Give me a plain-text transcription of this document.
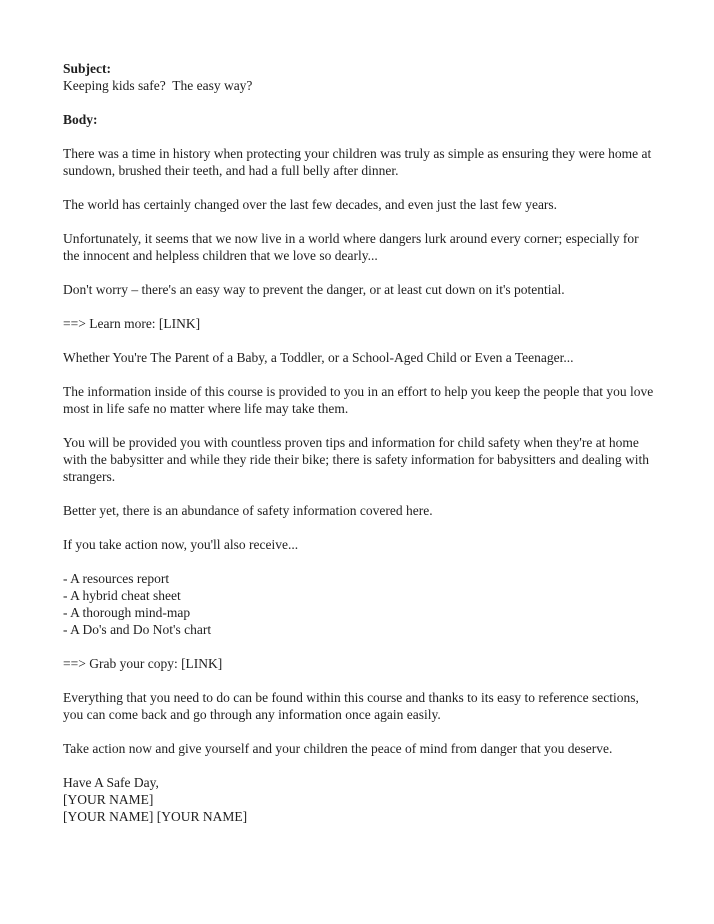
Subject:
Keeping kids safe?  The easy way?
Body:
There was a time in history when protecting your children was truly as simple as ensuring they were home at sundown, brushed their teeth, and had a full belly after dinner.
The world has certainly changed over the last few decades, and even just the last few years.
Unfortunately, it seems that we now live in a world where dangers lurk around every corner; especially for the innocent and helpless children that we love so dearly...
Don't worry – there's an easy way to prevent the danger, or at least cut down on it's potential.
==> Learn more: [LINK]
Whether You're The Parent of a Baby, a Toddler, or a School-Aged Child or Even a Teenager...
The information inside of this course is provided to you in an effort to help you keep the people that you love most in life safe no matter where life may take them.
You will be provided you with countless proven tips and information for child safety when they're at home with the babysitter and while they ride their bike; there is safety information for babysitters and dealing with strangers.
Better yet, there is an abundance of safety information covered here.
If you take action now, you'll also receive...
- A resources report
- A hybrid cheat sheet
- A thorough mind-map
- A Do's and Do Not's chart
==> Grab your copy: [LINK]
Everything that you need to do can be found within this course and thanks to its easy to reference sections, you can come back and go through any information once again easily.
Take action now and give yourself and your children the peace of mind from danger that you deserve.
Have A Safe Day,
[YOUR NAME]
[YOUR NAME] [YOUR NAME]
